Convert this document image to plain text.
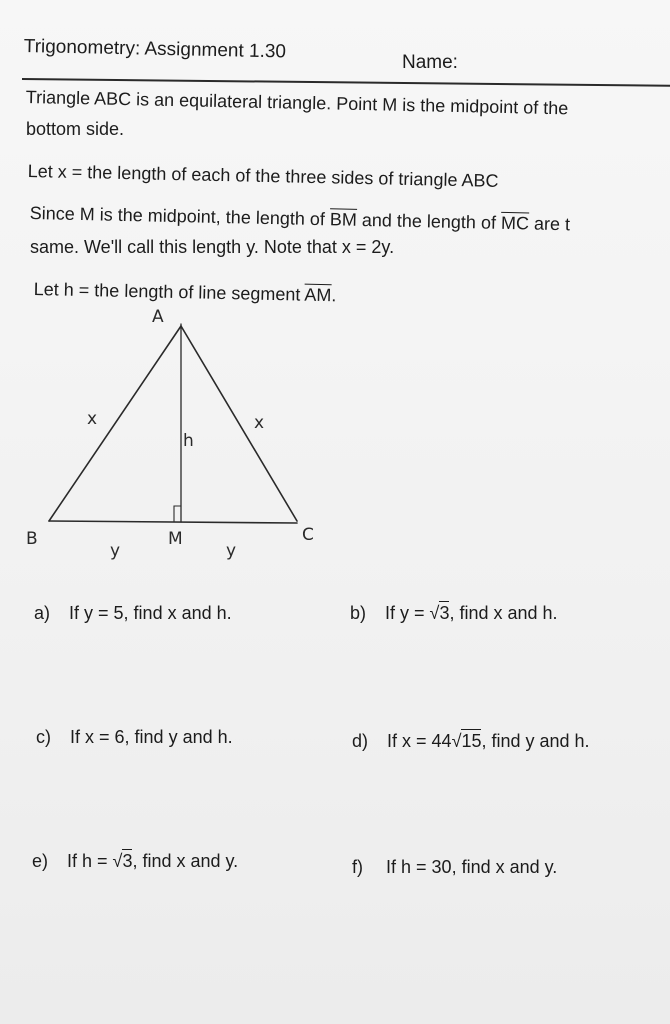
Trigonometry: Assignment 1.30
Name:
Triangle ABC is an equilateral triangle. Point M is the midpoint of the
bottom side.
Let x = the length of each of the three sides of triangle ABC
Since M is the midpoint, the length of $\overline{BM}$ and the length of $\overline{MC}$ are t
same. We'll call this length y. Note that x = 2y.
Let h = the length of line segment $\overline{AM}$.
A
B	C
M
x	x
h
y	y
a) If y = 5, find x and h.	b) If y = √3, find x and h.
c) If x = 6, find y and h.	d) If x = 44√15, find y and h.
e) If h = √3, find x and y.	f) If h = 30, find x and y.
